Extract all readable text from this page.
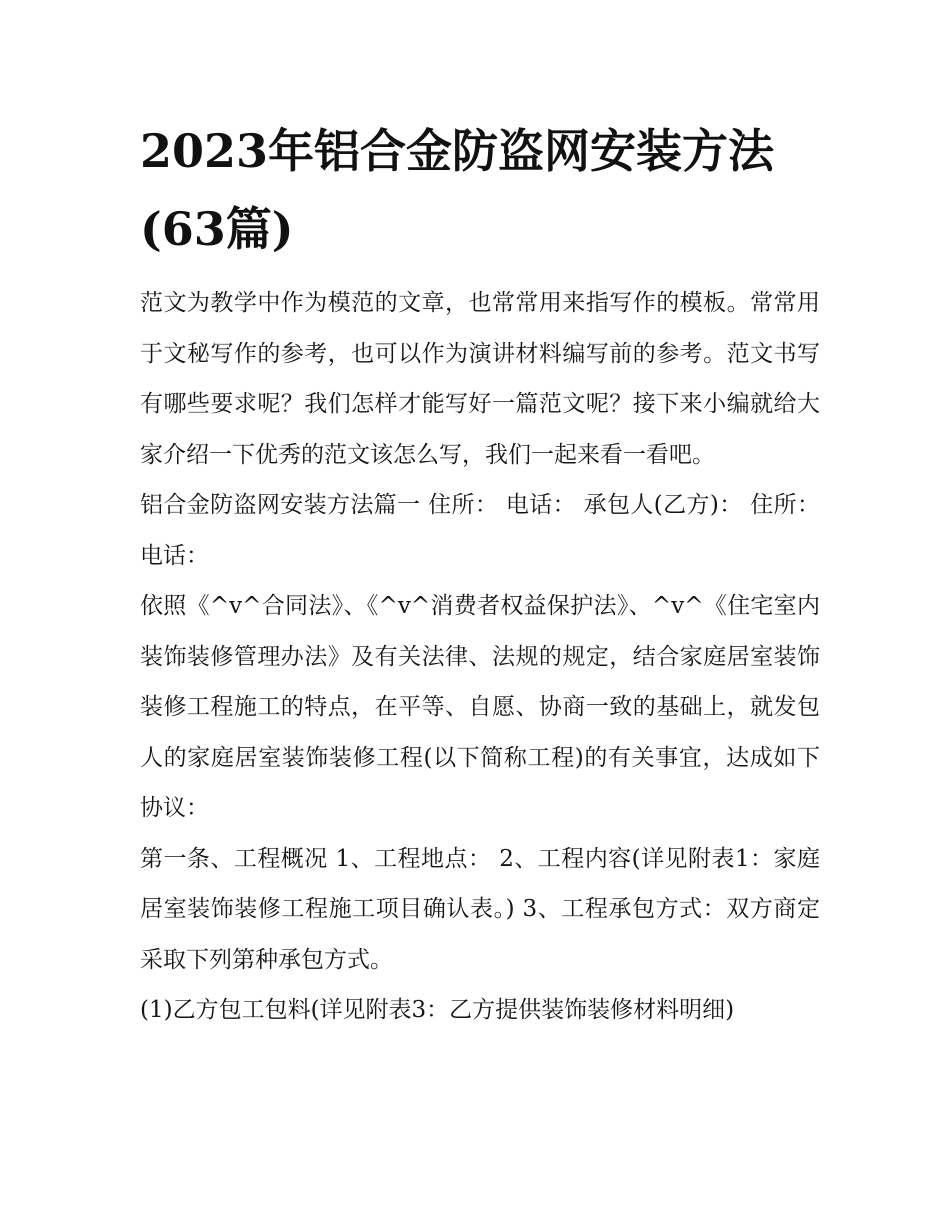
2023年铝合金防盗网安装方法(63篇)

范文为教学中作为模范的文章，也常常用来指写作的模板。常常用于文秘写作的参考，也可以作为演讲材料编写前的参考。范文书写有哪些要求呢？我们怎样才能写好一篇范文呢？接下来小编就给大家介绍一下优秀的范文该怎么写，我们一起来看一看吧。

铝合金防盗网安装方法篇一 住所： 电话： 承包人(乙方)： 住所： 电话：

依照《^v^合同法》、《^v^消费者权益保护法》、^v^《住宅室内装饰装修管理办法》及有关法律、法规的规定，结合家庭居室装饰装修工程施工的特点，在平等、自愿、协商一致的基础上，就发包人的家庭居室装饰装修工程(以下简称工程)的有关事宜，达成如下协议：

第一条、工程概况 1、工程地点： 2、工程内容(详见附表1：家庭居室装饰装修工程施工项目确认表。) 3、工程承包方式：双方商定采取下列第种承包方式。

(1)乙方包工包料(详见附表3：乙方提供装饰装修材料明细)
